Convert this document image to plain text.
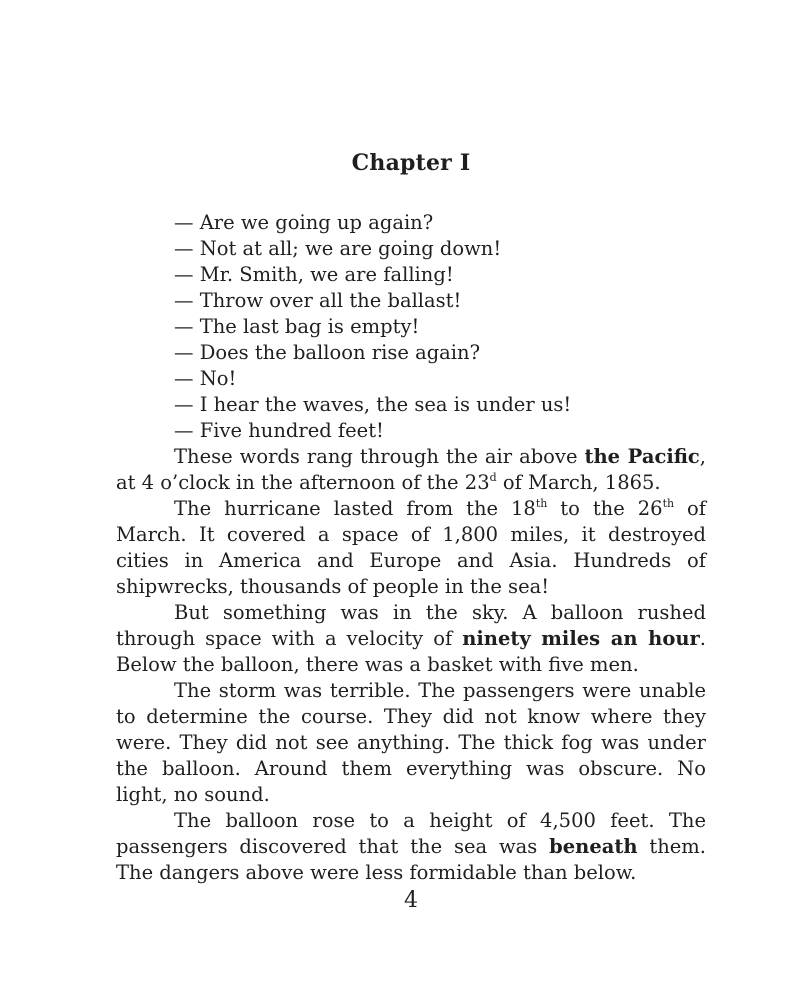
Chapter I

— Are we going up again?

— Not at all; we are going down!

— Mr. Smith, we are falling!

— Throw over all the ballast!

— The last bag is empty!

— Does the balloon rise again?

— No!

— I hear the waves, the sea is under us!

— Five hundred feet!

These words rang through the air above the Pacific, at 4 o’clock in the afternoon of the 23$^d$ of March, 1865.

The hurricane lasted from the 18th to the 26th of March. It covered a space of 1,800 miles, it destroyed cities in America and Europe and Asia. Hundreds of shipwrecks, thousands of people in the sea!

But something was in the sky. A balloon rushed through space with a velocity of ninety miles an hour. Below the balloon, there was a basket with five men.

The storm was terrible. The passengers were unable to determine the course. They did not know where they were. They did not see anything. The thick fog was under the balloon. Around them everything was obscure. No light, no sound.

The balloon rose to a height of 4,500 feet. The passengers discovered that the sea was beneath them. The dangers above were less formidable than below.

4
